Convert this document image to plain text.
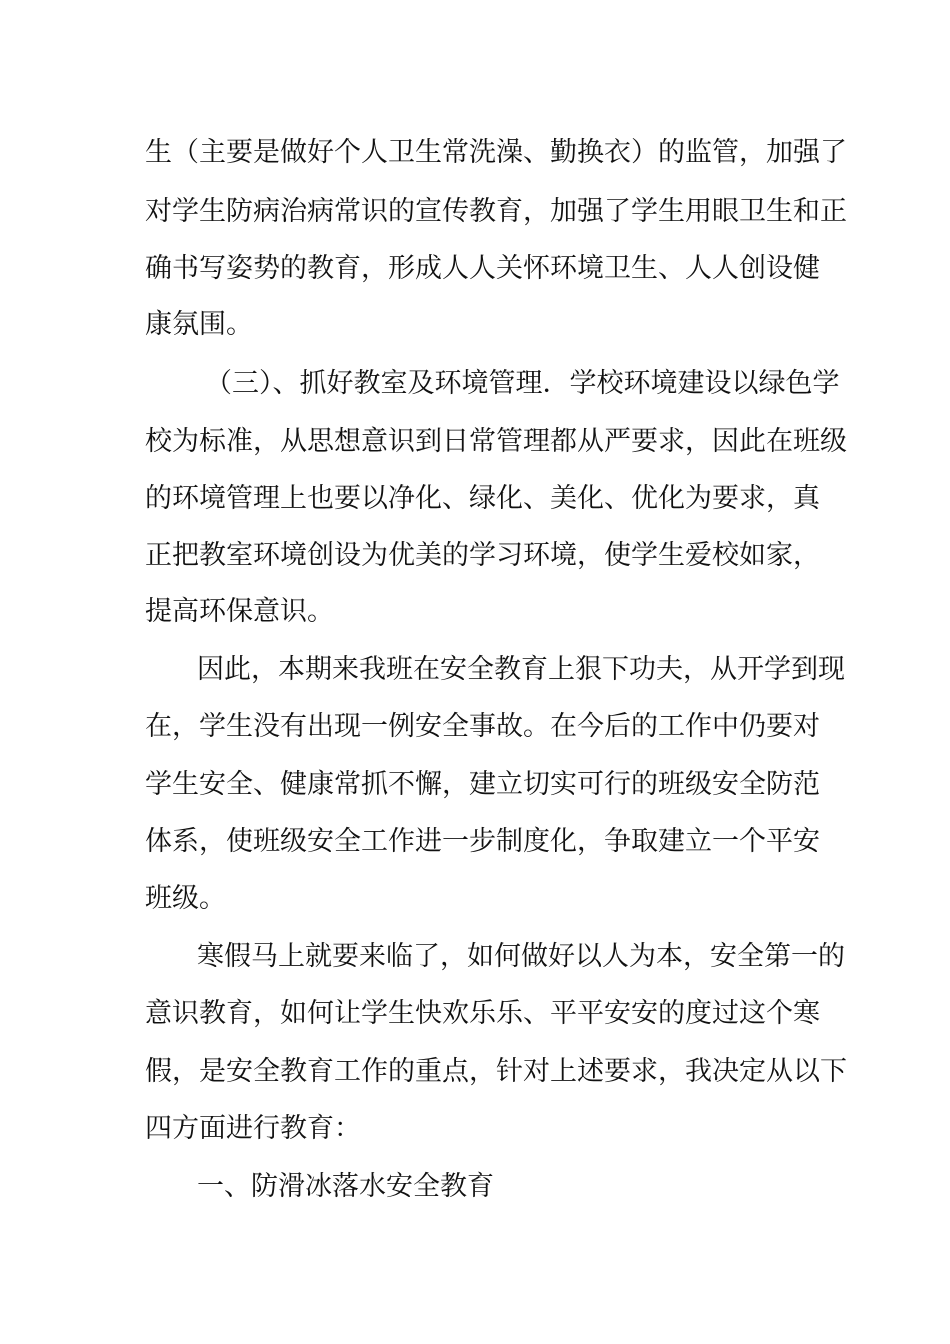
生（主要是做好个人卫生常洗澡、勤换衣）的监管，加强了
对学生防病治病常识的宣传教育，加强了学生用眼卫生和正
确书写姿势的教育，形成人人关怀环境卫生、人人创设健
康氛围。
（三）、抓好教室及环境管理．学校环境建设以绿色学
校为标准，从思想意识到日常管理都从严要求，因此在班级
的环境管理上也要以净化、绿化、美化、优化为要求，真
正把教室环境创设为优美的学习环境，使学生爱校如家，
提高环保意识。
因此，本期来我班在安全教育上狠下功夫，从开学到现
在，学生没有出现一例安全事故。在今后的工作中仍要对
学生安全、健康常抓不懈，建立切实可行的班级安全防范
体系，使班级安全工作进一步制度化，争取建立一个平安
班级。
寒假马上就要来临了，如何做好以人为本，安全第一的
意识教育，如何让学生快欢乐乐、平平安安的度过这个寒
假，是安全教育工作的重点，针对上述要求，我决定从以下
四方面进行教育：
一、防滑冰落水安全教育
